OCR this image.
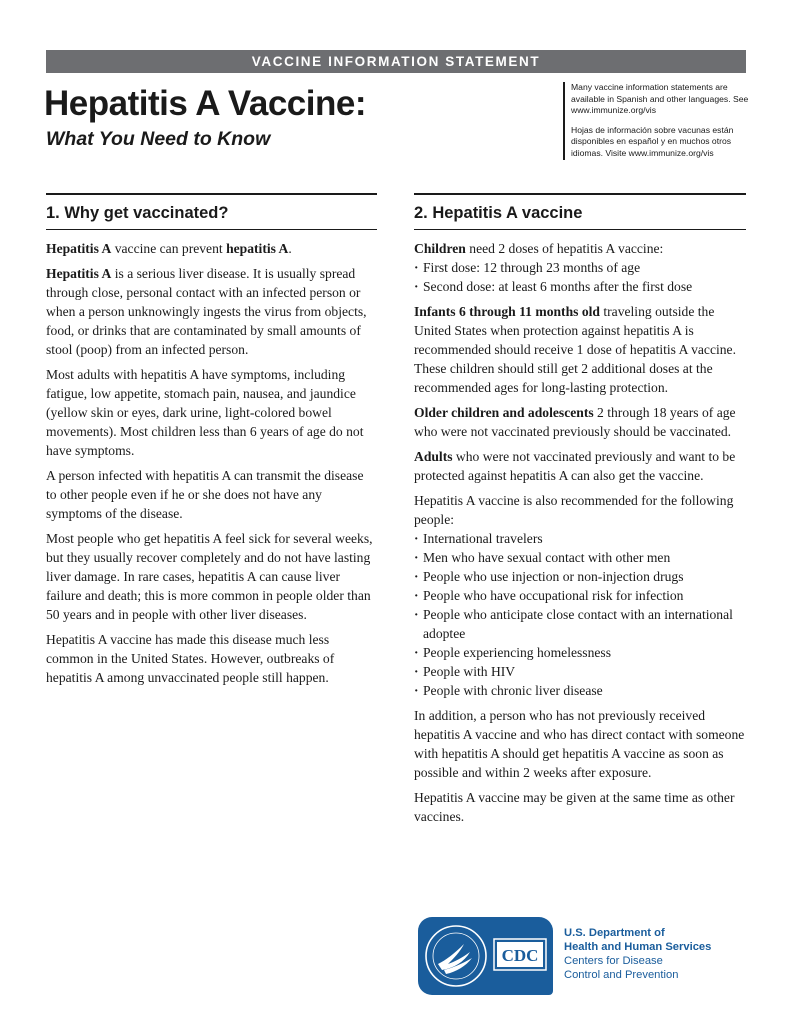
VACCINE INFORMATION STATEMENT
Hepatitis A Vaccine:
What You Need to Know

Many vaccine information statements are available in Spanish and other languages. See www.immunize.org/vis

Hojas de información sobre vacunas están disponibles en español y en muchos otros idiomas. Visite www.immunize.org/vis

1. Why get vaccinated?

Hepatitis A vaccine can prevent hepatitis A.

Hepatitis A is a serious liver disease. It is usually spread through close, personal contact with an infected person or when a person unknowingly ingests the virus from objects, food, or drinks that are contaminated by small amounts of stool (poop) from an infected person.

Most adults with hepatitis A have symptoms, including fatigue, low appetite, stomach pain, nausea, and jaundice (yellow skin or eyes, dark urine, light-colored bowel movements). Most children less than 6 years of age do not have symptoms.

A person infected with hepatitis A can transmit the disease to other people even if he or she does not have any symptoms of the disease.

Most people who get hepatitis A feel sick for several weeks, but they usually recover completely and do not have lasting liver damage. In rare cases, hepatitis A can cause liver failure and death; this is more common in people older than 50 years and in people with other liver diseases.

Hepatitis A vaccine has made this disease much less common in the United States. However, outbreaks of hepatitis A among unvaccinated people still happen.

2. Hepatitis A vaccine

Children need 2 doses of hepatitis A vaccine:

· First dose: 12 through 23 months of age
· Second dose: at least 6 months after the first dose

Infants 6 through 11 months old traveling outside the United States when protection against hepatitis A is recommended should receive 1 dose of hepatitis A vaccine. These children should still get 2 additional doses at the recommended ages for long-lasting protection.

Older children and adolescents 2 through 18 years of age who were not vaccinated previously should be vaccinated.

Adults who were not vaccinated previously and want to be protected against hepatitis A can also get the vaccine.

Hepatitis A vaccine is also recommended for the following people:

· International travelers
· Men who have sexual contact with other men
· People who use injection or non-injection drugs
· People who have occupational risk for infection
· People who anticipate close contact with an international adoptee
· People experiencing homelessness
· People with HIV
· People with chronic liver disease

In addition, a person who has not previously received hepatitis A vaccine and who has direct contact with someone with hepatitis A should get hepatitis A vaccine as soon as possible and within 2 weeks after exposure.

Hepatitis A vaccine may be given at the same time as other vaccines.

CDC
U.S. Department of
Health and Human Services
Centers for Disease
Control and Prevention
